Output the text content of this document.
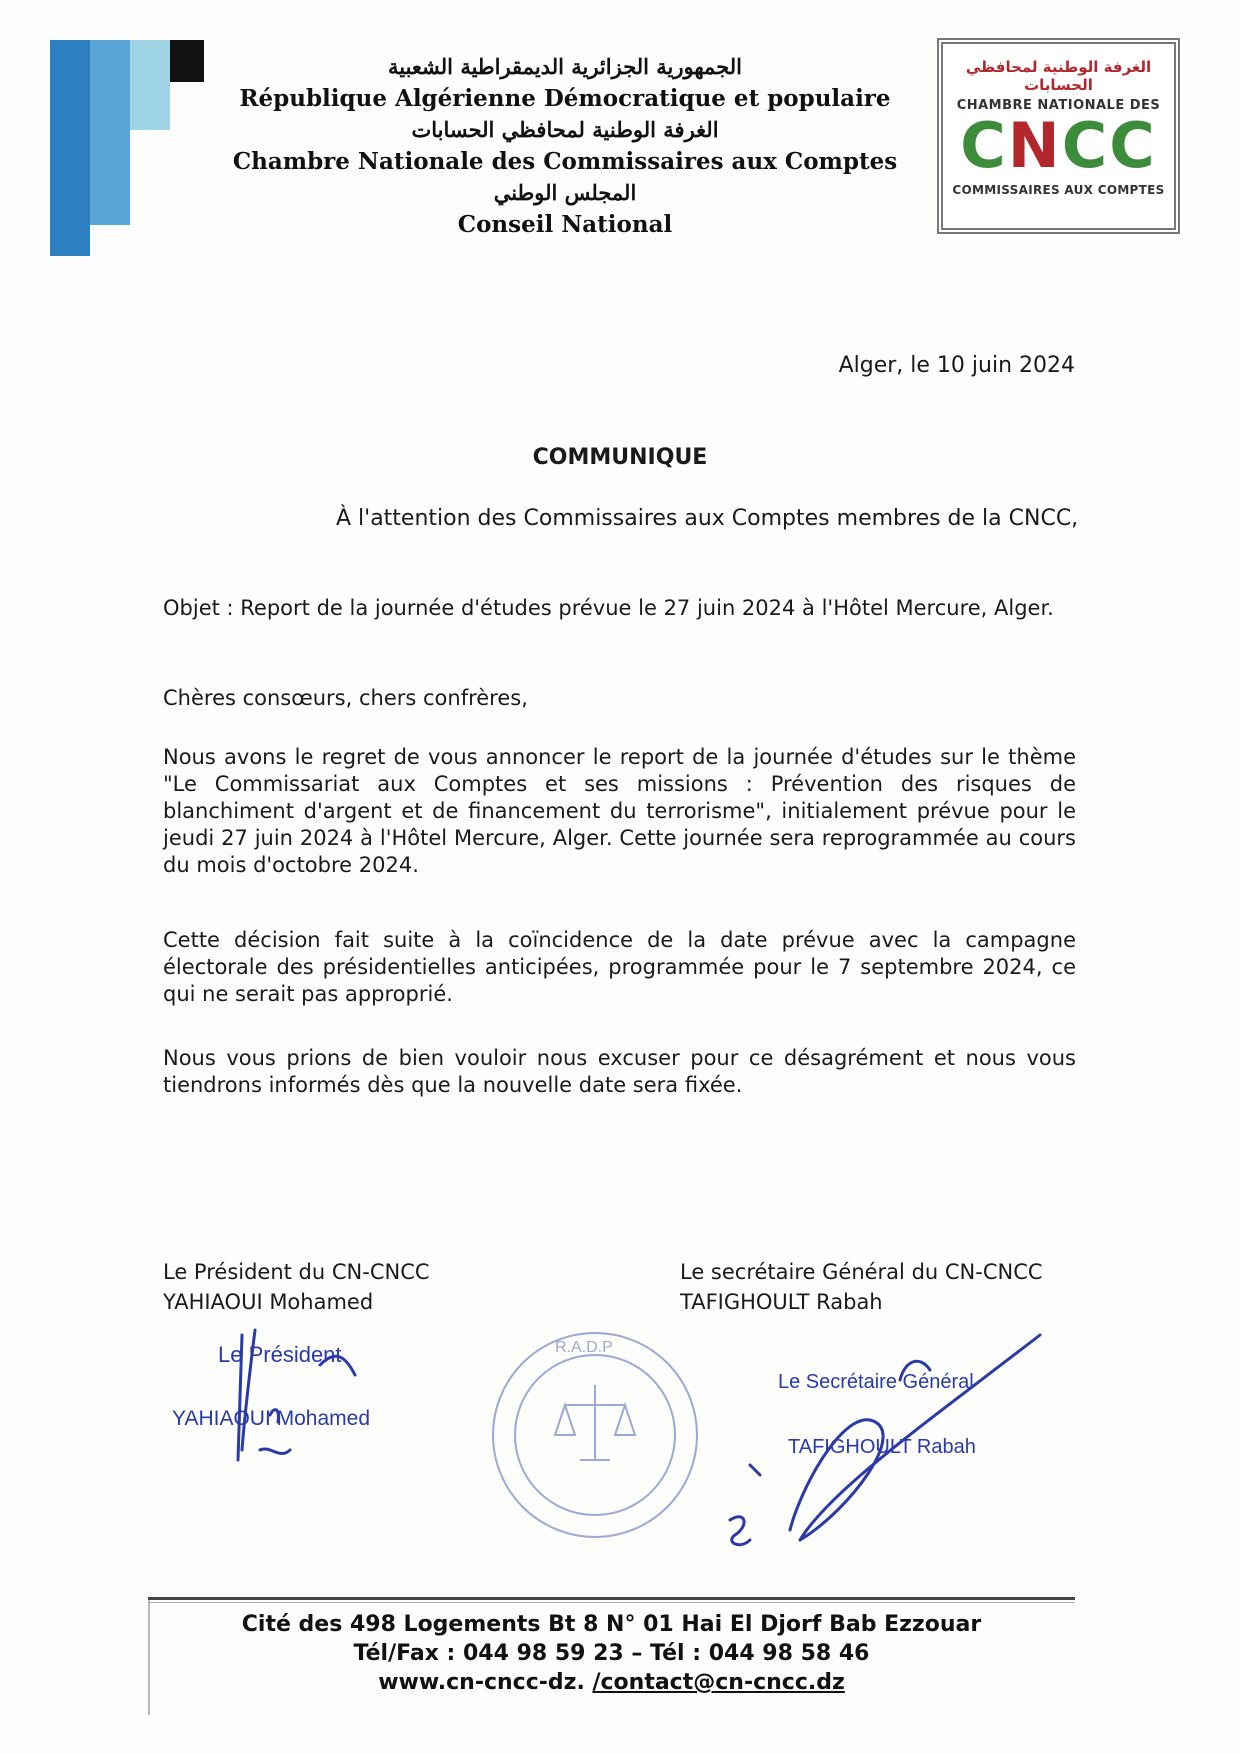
الجمهورية الجزائرية الديمقراطية الشعبية
République Algérienne Démocratique et populaire
الغرفة الوطنية لمحافظي الحسابات
Chambre Nationale des Commissaires aux Comptes
المجلس الوطني
Conseil National
الغرفة الوطنية لمحافظي الحسابات
CHAMBRE NATIONALE DES
CNCC
COMMISSAIRES AUX COMPTES
Alger, le 10 juin 2024
COMMUNIQUE
À l'attention des Commissaires aux Comptes membres de la CNCC,
Objet : Report de la journée d'études prévue le 27 juin 2024 à l'Hôtel Mercure, Alger.
Chères consœurs, chers confrères,
Nous avons le regret de vous annoncer le report de la journée d'études sur le thème "Le Commissariat aux Comptes et ses missions : Prévention des risques de blanchiment d'argent et de financement du terrorisme", initialement prévue pour le jeudi 27 juin 2024 à l'Hôtel Mercure, Alger. Cette journée sera reprogrammée au cours du mois d'octobre 2024.
Cette décision fait suite à la coïncidence de la date prévue avec la campagne électorale des présidentielles anticipées, programmée pour le 7 septembre 2024, ce qui ne serait pas approprié.
Nous vous prions de bien vouloir nous excuser pour ce désagrément et nous vous tiendrons informés dès que la nouvelle date sera fixée.
Le Président du CN-CNCC
YAHIAOUI Mohamed
Le secrétaire Général du CN-CNCC
TAFIGHOULT Rabah
Le Président
YAHIAOUI Mohamed
R.A.D.P
Le Secrétaire Général
TAFIGHOULT Rabah
Cité des 498 Logements Bt 8 N° 01 Hai El Djorf Bab Ezzouar
Tél/Fax : 044 98 59 23 – Tél : 044 98 58 46
www.cn-cncc-dz. /contact@cn-cncc.dz
